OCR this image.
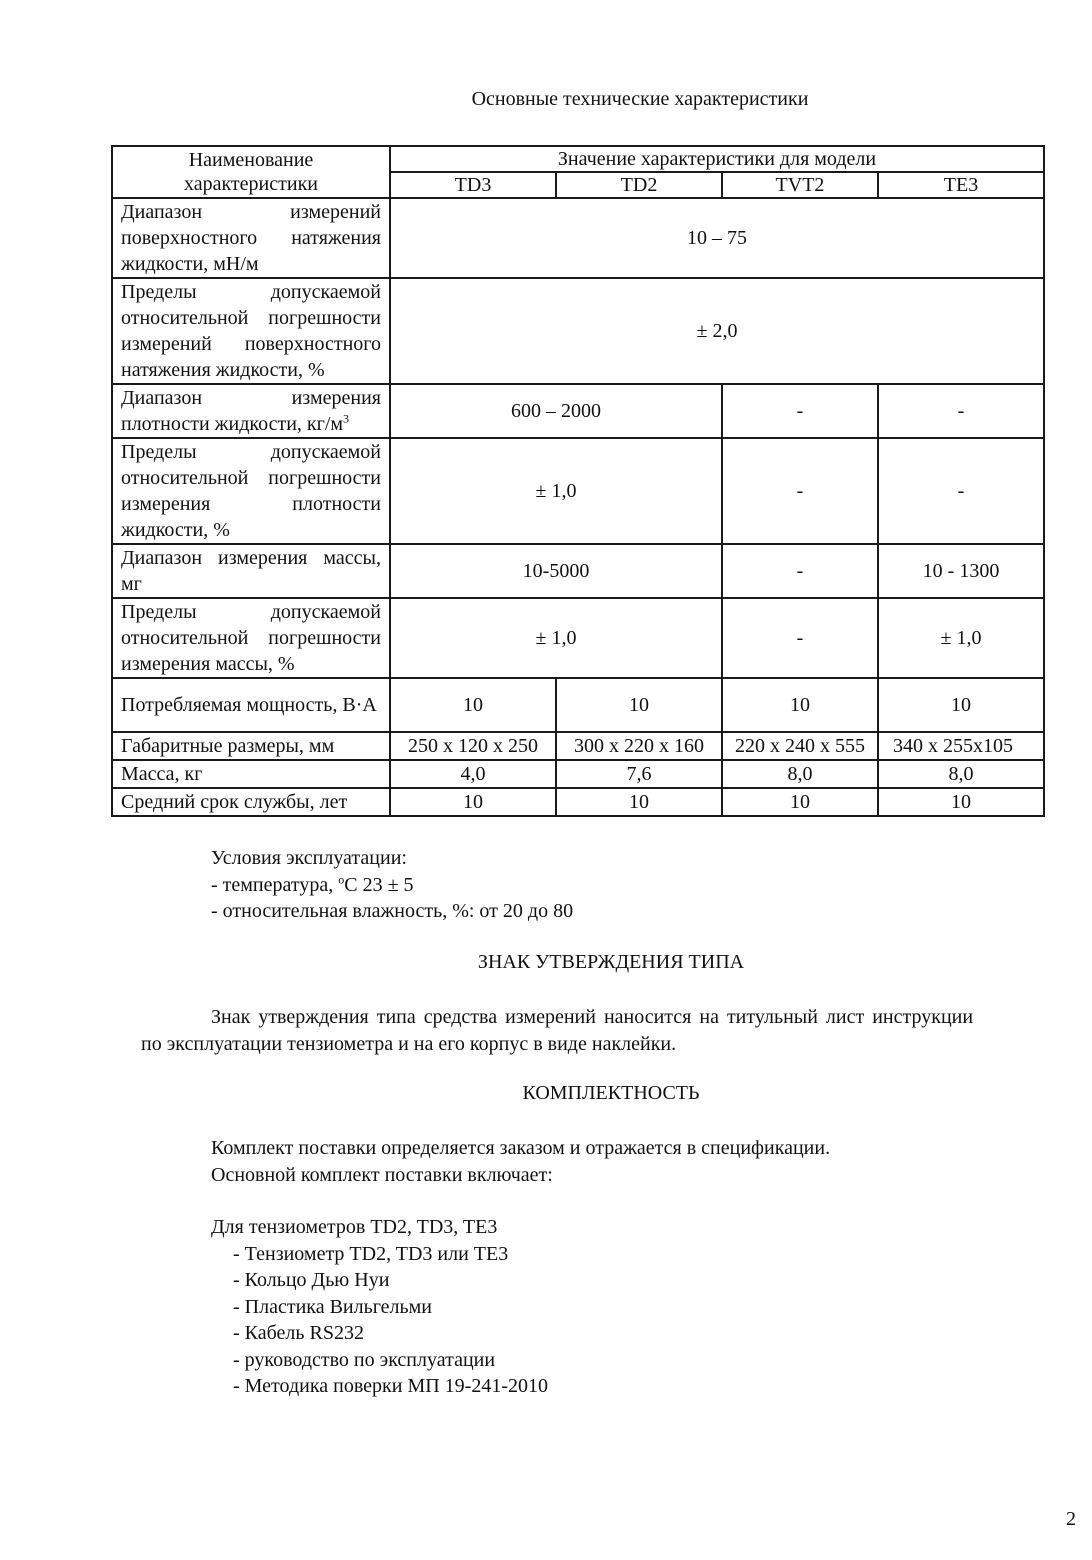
Основные технические характеристики
Наименование характеристики	Значение характеристики для модели			
	TD3	TD2	TVT2	TE3
Диапазон измерений поверхностного натяжения жидкости, мН/м	10 – 75			
Пределы допускаемой относительной погрешности измерений поверхностного натяжения жидкости, %	± 2,0			
Диапазон измерения плотности жидкости, $кг/м^3$	600 – 2000		-	-
Пределы допускаемой относительной погрешности измерения плотности жидкости, %	± 1,0		-	-
Диапазон измерения массы, мг	10-5000		-	10 - 1300
Пределы допускаемой относительной погрешности измерения массы, %	± 1,0		-	± 1,0
Потребляемая мощность, В·А	10	10	10	10
Габаритные размеры, мм	250 x 120 x 250	300 x 220 x 160	220 x 240 x 555	340 x 255x105
Масса, кг	4,0	7,6	8,0	8,0
Средний срок службы, лет	10	10	10	10
Условия эксплуатации:
- температура, $^o$C 23 ± 5
- относительная влажность, %: от 20 до 80
ЗНАК УТВЕРЖДЕНИЯ ТИПА
Знак утверждения типа средства измерений наносится на титульный лист инструкции
по эксплуатации тензиометра и на его корпус в виде наклейки.
КОМПЛЕКТНОСТЬ
Комплект поставки определяется заказом и отражается в спецификации.
Основной комплект поставки включает:
Для тензиометров TD2, TD3, TE3
- Тензиометр TD2, TD3 или TE3
- Кольцо Дью Нуи
- Пластика Вильгельми
- Кабель RS232
- руководство по эксплуатации
- Методика поверки МП 19-241-2010
2
